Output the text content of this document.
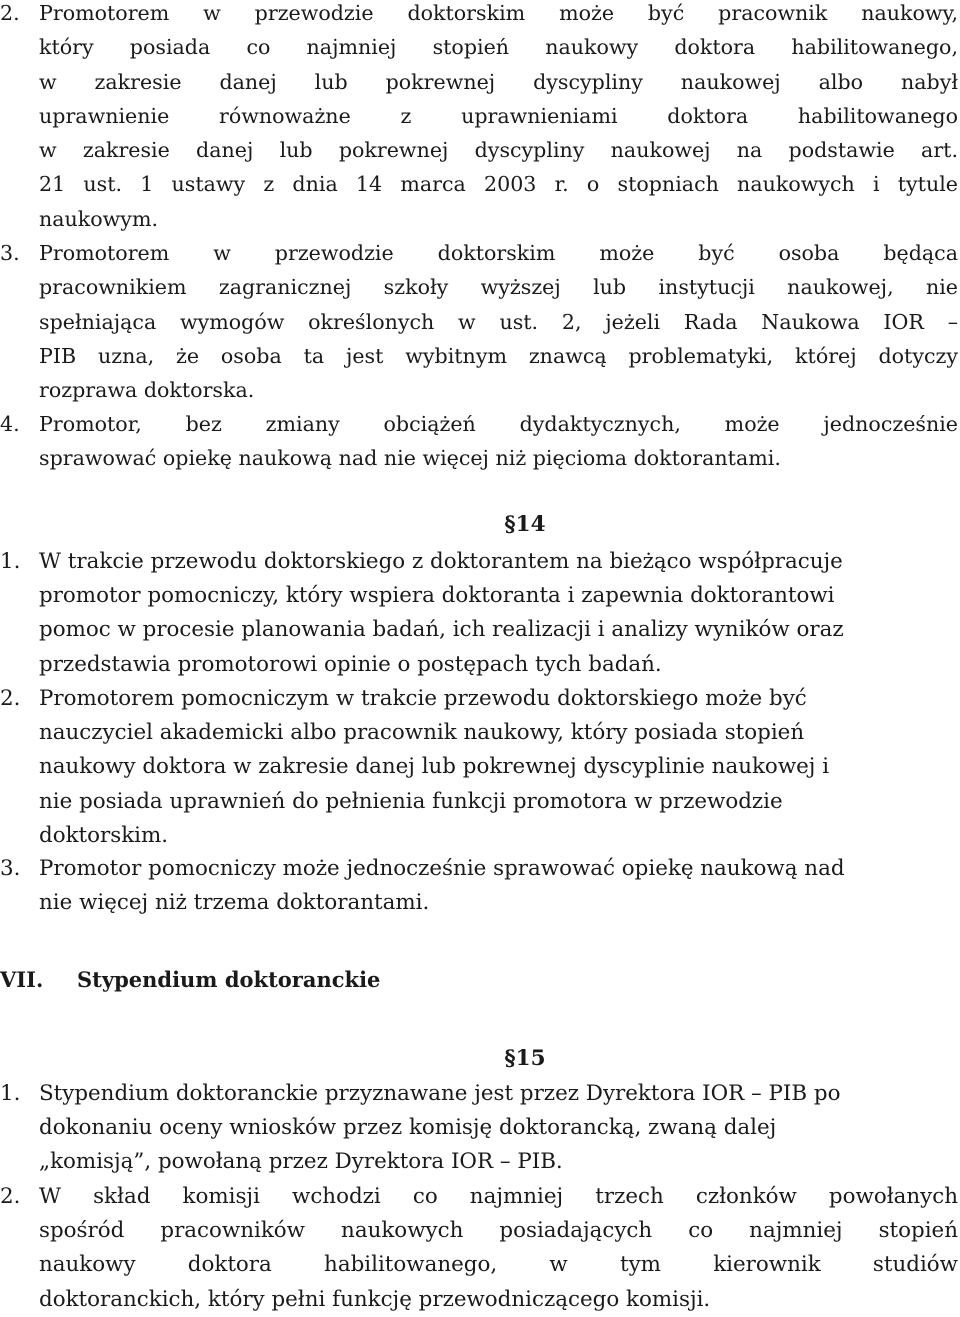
2. Promotorem w przewodzie doktorskim może być pracownik naukowy,
który posiada co najmniej stopień naukowy doktora habilitowanego,
w zakresie danej lub pokrewnej dyscypliny naukowej albo nabył
uprawnienie równoważne z uprawnieniami doktora habilitowanego
w zakresie danej lub pokrewnej dyscypliny naukowej na podstawie art.
21 ust. 1 ustawy z dnia 14 marca 2003 r. o stopniach naukowych i tytule
naukowym.
3. Promotorem w przewodzie doktorskim może być osoba będąca
pracownikiem zagranicznej szkoły wyższej lub instytucji naukowej, nie
spełniająca wymogów określonych w ust. 2, jeżeli Rada Naukowa IOR –
PIB uzna, że osoba ta jest wybitnym znawcą problematyki, której dotyczy
rozprawa doktorska.
4. Promotor, bez zmiany obciążeń dydaktycznych, może jednocześnie
sprawować opiekę naukową nad nie więcej niż pięcioma doktorantami.
§14
1. W trakcie przewodu doktorskiego z doktorantem na bieżąco współpracuje
promotor pomocniczy, który wspiera doktoranta i zapewnia doktorantowi
pomoc w procesie planowania badań, ich realizacji i analizy wyników oraz
przedstawia promotorowi opinie o postępach tych badań.
2. Promotorem pomocniczym w trakcie przewodu doktorskiego może być
nauczyciel akademicki albo pracownik naukowy, który posiada stopień
naukowy doktora w zakresie danej lub pokrewnej dyscyplinie naukowej i
nie posiada uprawnień do pełnienia funkcji promotora w przewodzie
doktorskim.
3. Promotor pomocniczy może jednocześnie sprawować opiekę naukową nad
nie więcej niż trzema doktorantami.
VII. Stypendium doktoranckie
§15
1. Stypendium doktoranckie przyznawane jest przez Dyrektora IOR – PIB po
dokonaniu oceny wniosków przez komisję doktorancką, zwaną dalej
„komisją”, powołaną przez Dyrektora IOR – PIB.
2. W skład komisji wchodzi co najmniej trzech członków powołanych
spośród pracowników naukowych posiadających co najmniej stopień
naukowy doktora habilitowanego, w tym kierownik studiów
doktoranckich, który pełni funkcję przewodniczącego komisji.
